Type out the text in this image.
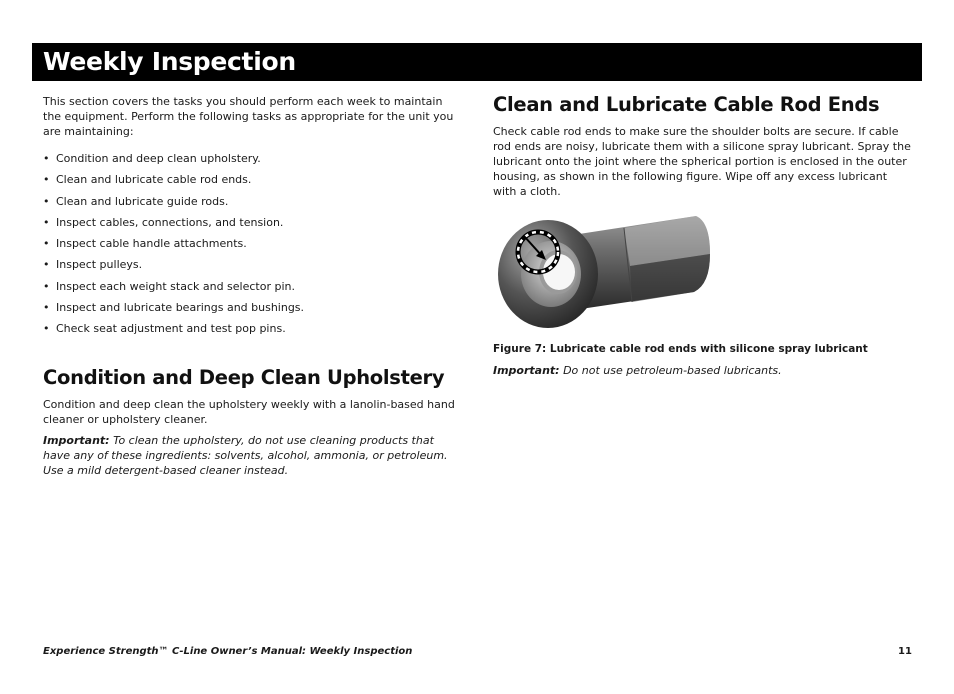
Weekly Inspection

This section covers the tasks you should perform each week to maintain the equipment. Perform the following tasks as appropriate for the unit you are maintaining:

• Condition and deep clean upholstery.
• Clean and lubricate cable rod ends.
• Clean and lubricate guide rods.
• Inspect cables, connections, and tension.
• Inspect cable handle attachments.
• Inspect pulleys.
• Inspect each weight stack and selector pin.
• Inspect and lubricate bearings and bushings.
• Check seat adjustment and test pop pins.
Condition and Deep Clean Upholstery

Condition and deep clean the upholstery weekly with a lanolin-based hand cleaner or upholstery cleaner.

Important: To clean the upholstery, do not use cleaning products that have any of these ingredients: solvents, alcohol, ammonia, or petroleum. Use a mild detergent-based cleaner instead.

Clean and Lubricate Cable Rod Ends

Check cable rod ends to make sure the shoulder bolts are secure. If cable rod ends are noisy, lubricate them with a silicone spray lubricant. Spray the lubricant onto the joint where the spherical portion is enclosed in the outer housing, as shown in the following figure. Wipe off any excess lubricant with a cloth.

Figure 7: Lubricate cable rod ends with silicone spray lubricant

Important: Do not use petroleum-based lubricants.

Experience Strength™ C-Line Owner’s Manual: Weekly Inspection	11
